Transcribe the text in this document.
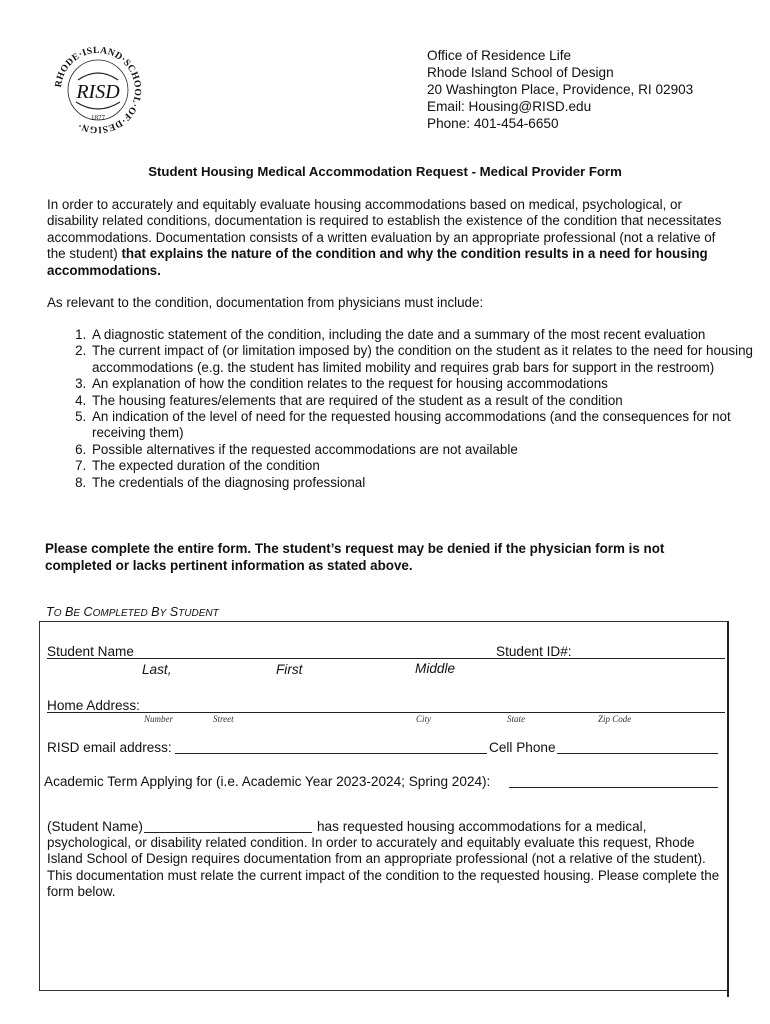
RHODE·ISLAND·SCHOOL·OF·DESIGN·
RISD
1877
Office of Residence Life
Rhode Island School of Design
20 Washington Place, Providence, RI 02903
Email: Housing@RISD.edu
Phone: 401-454-6650
Student Housing Medical Accommodation Request - Medical Provider Form
In order to accurately and equitably evaluate housing accommodations based on medical, psychological, or disability related conditions, documentation is required to establish the existence of the condition that necessitates accommodations. Documentation consists of a written evaluation by an appropriate professional (not a relative of the student) that explains the nature of the condition and why the condition results in a need for housing accommodations.
As relevant to the condition, documentation from physicians must include:
1. A diagnostic statement of the condition, including the date and a summary of the most recent evaluation
2. The current impact of (or limitation imposed by) the condition on the student as it relates to the need for housing accommodations (e.g. the student has limited mobility and requires grab bars for support in the restroom)
3. An explanation of how the condition relates to the request for housing accommodations
4. The housing features/elements that are required of the student as a result of the condition
5. An indication of the level of need for the requested housing accommodations (and the consequences for not receiving them)
6. Possible alternatives if the requested accommodations are not available
7. The expected duration of the condition
8. The credentials of the diagnosing professional
Please complete the entire form. The student’s request may be denied if the physician form is not completed or lacks pertinent information as stated above.
TO BE COMPLETED BY STUDENT
Student Name	Student ID#:
Last,	First	Middle
Home Address:
Number	Street	City	State	Zip Code
RISD email address:	Cell Phone
Academic Term Applying for (i.e. Academic Year 2023-2024; Spring 2024):
(Student Name)	has requested housing accommodations for a medical,
psychological, or disability related condition. In order to accurately and equitably evaluate this request, Rhode Island School of Design requires documentation from an appropriate professional (not a relative of the student). This documentation must relate the current impact of the condition to the requested housing. Please complete the form below.
